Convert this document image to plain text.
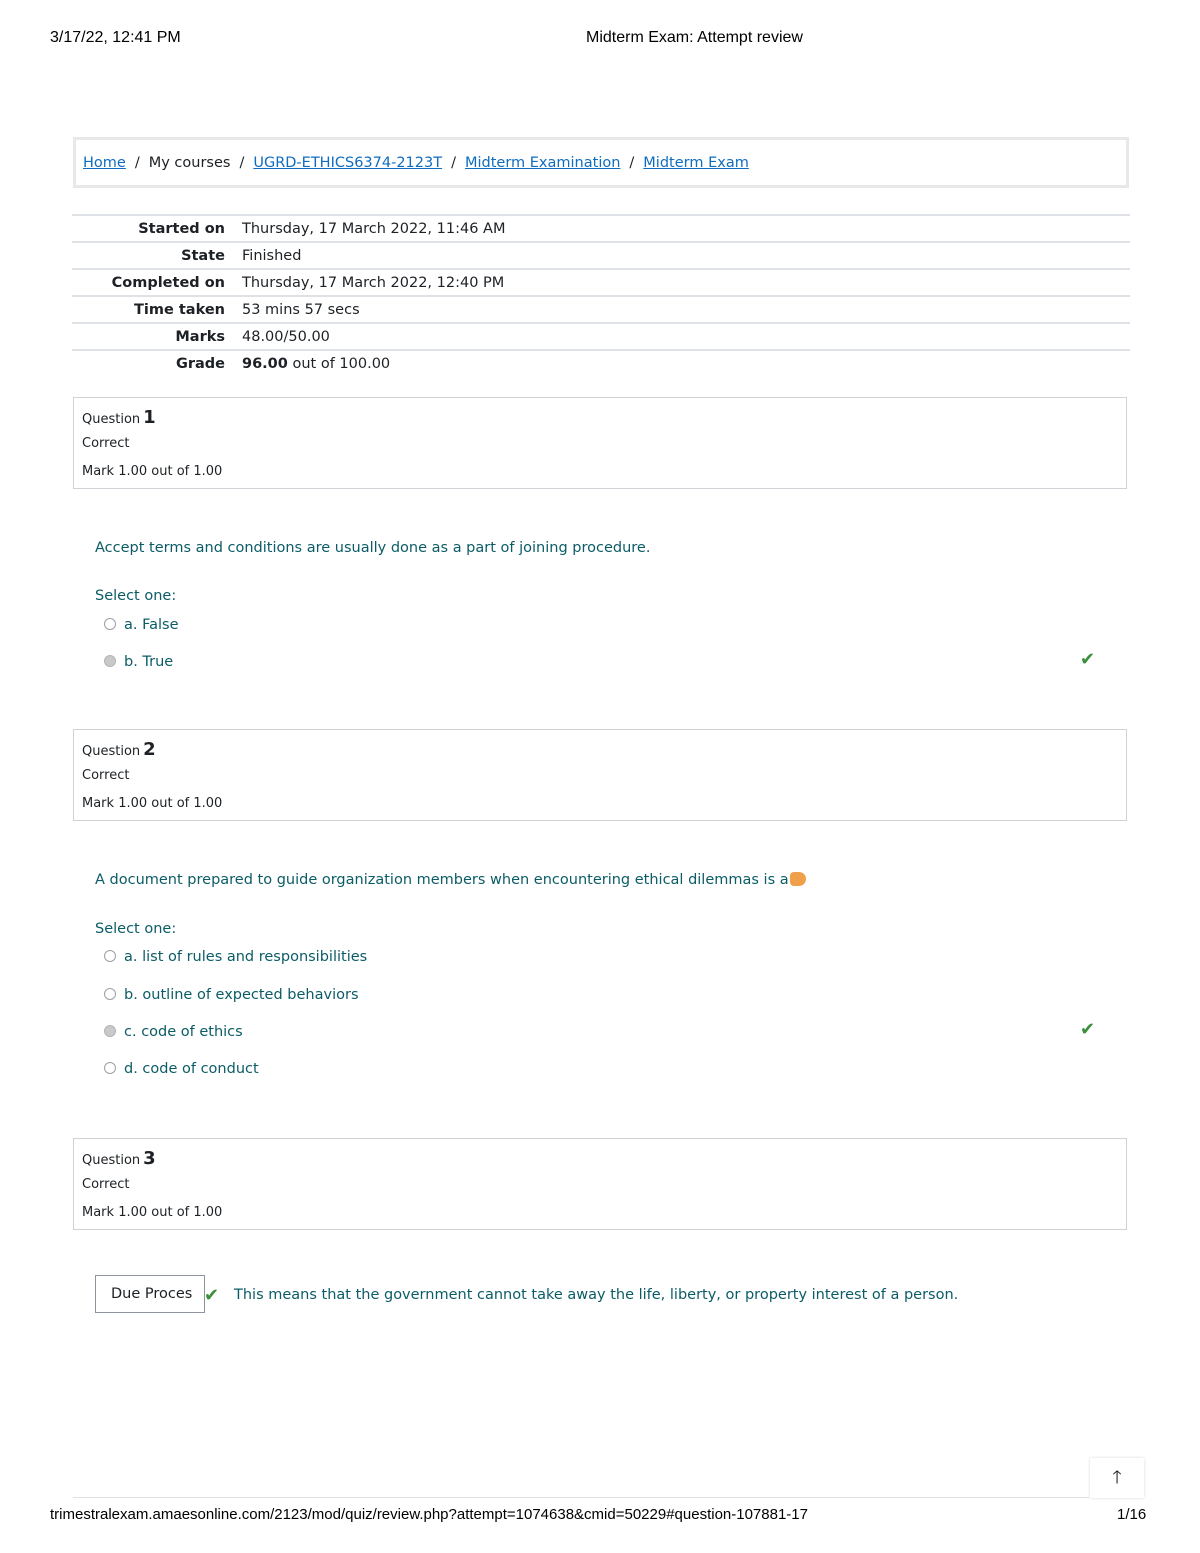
3/17/22, 12:41 PM	Midterm Exam: Attempt review
Home / My courses / UGRD-ETHICS6374-2123T / Midterm Examination / Midterm Exam
Started on Thursday, 17 March 2022, 11:46 AM
State Finished
Completed on Thursday, 17 March 2022, 12:40 PM
Time taken 53 mins 57 secs
Marks 48.00/50.00
Grade 96.00 out of 100.00
Question 1
Correct
Mark 1.00 out of 1.00
Accept terms and conditions are usually done as a part of joining procedure.
Select one:
a. False
b. True	✔
Question 2
Correct
Mark 1.00 out of 1.00
A document prepared to guide organization members when encountering ethical dilemmas is a
Select one:
a. list of rules and responsibilities
b. outline of expected behaviors
c. code of ethics
d. code of conduct
✔
Question 3
Correct
Mark 1.00 out of 1.00
Due Proces ✔ This means that the government cannot take away the life, liberty, or property interest of a person.
🡑
trimestralexam.amaesonline.com/2123/mod/quiz/review.php?attempt=1074638&cmid=50229#question-107881-17	1/16
